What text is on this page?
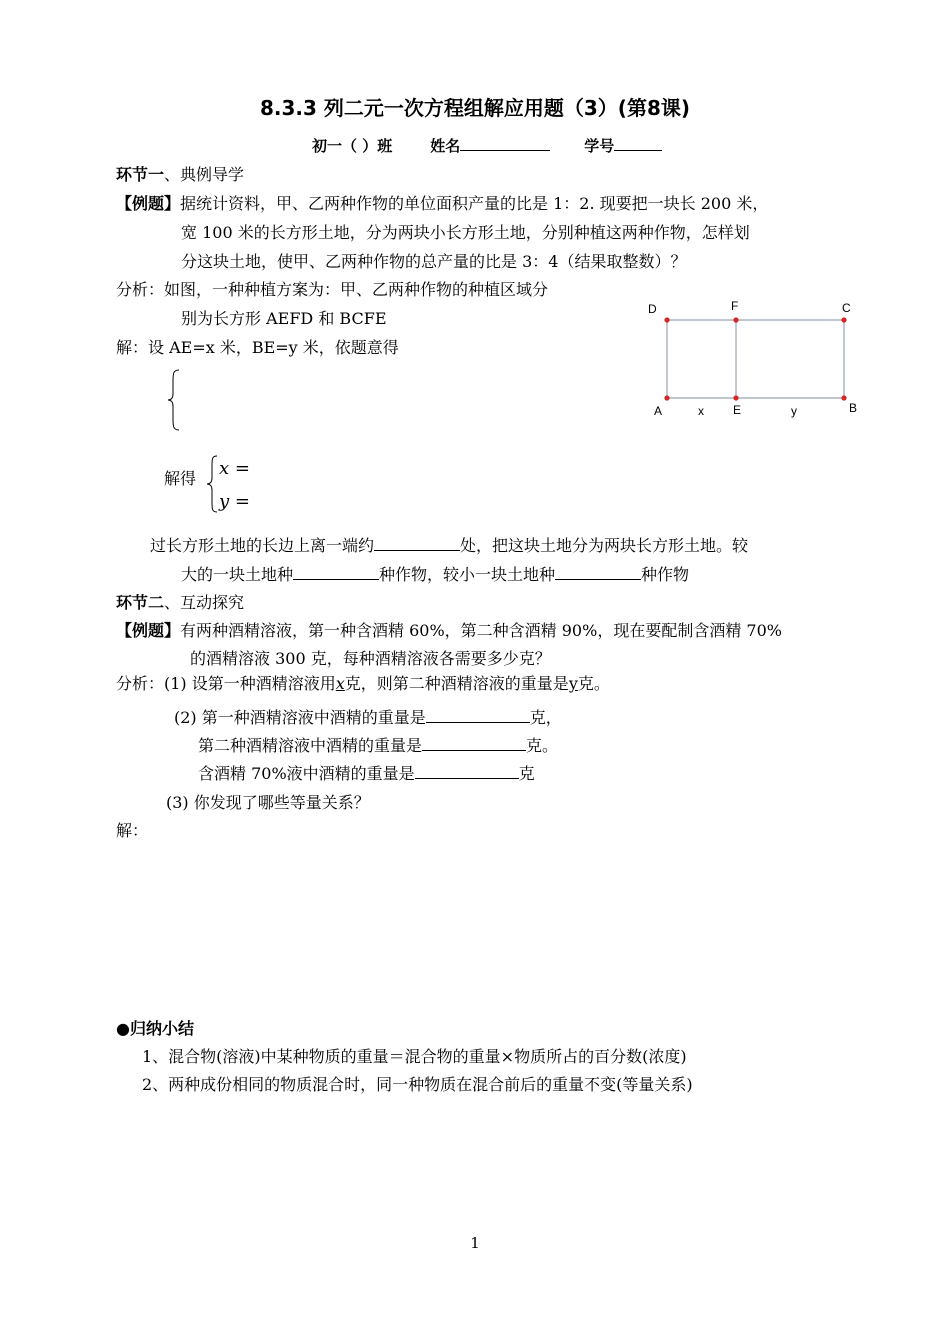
8.3.3 列二元一次方程组解应用题（3）(第8课)
初一（ ）班	姓名	学号
环节一、典例导学
【例题】据统计资料，甲、乙两种作物的单位面积产量的比是 1：2. 现要把一块长 200 米，
宽 100 米的长方形土地，分为两块小长方形土地，分别种植这两种作物，怎样划
分这块土地，使甲、乙两种作物的总产量的比是 3：4（结果取整数）？
分析：如图，一种种植方案为：甲、乙两种作物的种植区域分
别为长方形 AEFD 和 BCFE
解：设 AE=x 米，BE=y 米，依题意得
解得 x =
y =
D	F	C
A	x E	y	B
过长方形土地的长边上离一端约	处，把这块土地分为两块长方形土地。较
大的一块土地种	种作物，较小一块土地种	种作物
环节二、互动探究
【例题】有两种酒精溶液，第一种含酒精 60%，第二种含酒精 90%，现在要配制含酒精 70%
的酒精溶液 300 克，每种酒精溶液各需要多少克？
分析：(1) 设第一种酒精溶液用x克，则第二种酒精溶液的重量是y克。
(2) 第一种酒精溶液中酒精的重量是	克，
第二种酒精溶液中酒精的重量是	克。
含酒精 70%液中酒精的重量是	克
(3) 你发现了哪些等量关系？
解：
●归纳小结
1、混合物(溶液)中某种物质的重量＝混合物的重量×物质所占的百分数(浓度)
2、两种成份相同的物质混合时，同一种物质在混合前后的重量不变(等量关系)
1
